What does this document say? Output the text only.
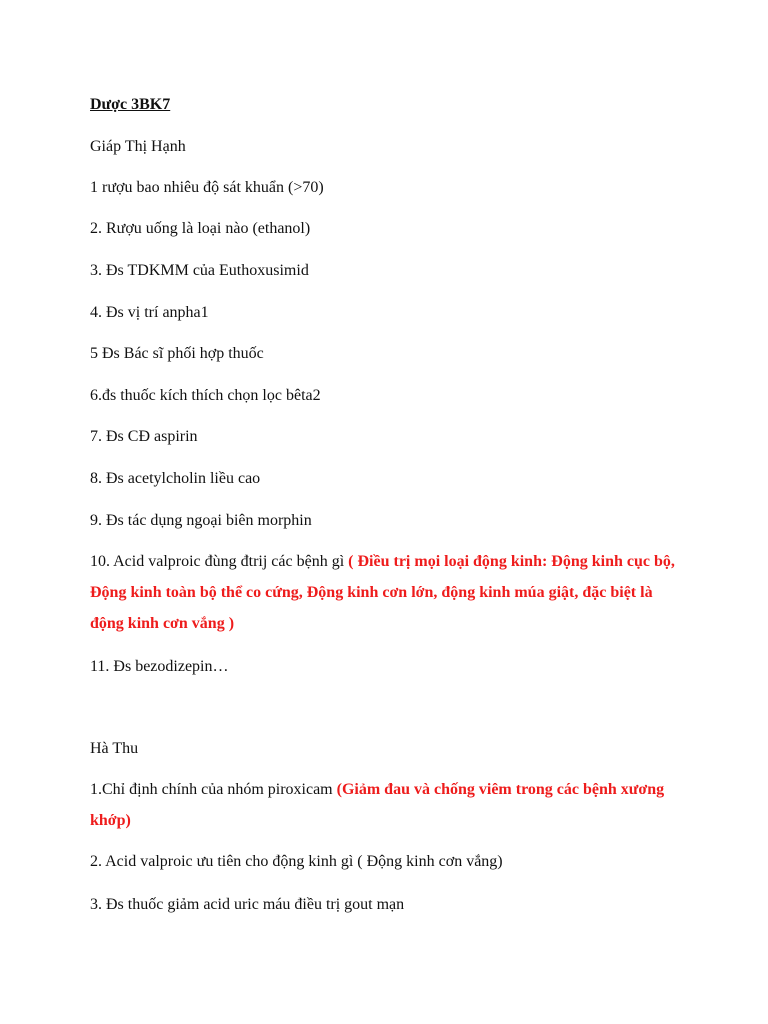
Dược 3BK7
Giáp Thị Hạnh
1 rượu bao nhiêu độ sát khuẩn (>70)
2. Rượu uống là loại nào (ethanol)
3. Đs TDKMM của Euthoxusimid
4. Đs vị trí anpha1
5 Đs Bác sĩ phối hợp thuốc
6.đs thuốc kích thích chọn lọc bêta2
7. Đs CĐ aspirin
8. Đs acetylcholin liều cao
9. Đs tác dụng ngoại biên morphin
10. Acid valproic đùng đtrij các bệnh gì ( Điều trị mọi loại động kinh: Động kinh cục bộ, Động kinh toàn bộ thể co cứng, Động kinh cơn lớn, động kinh múa giật, đặc biệt là động kinh cơn vắng )
11. Đs bezodizepin…
Hà Thu
1.Chỉ định chính của nhóm piroxicam (Giảm đau và chống viêm trong các bệnh xương khớp)
2. Acid valproic ưu tiên cho động kinh gì ( Động kinh cơn vắng)
3. Đs thuốc giảm acid uric máu điều trị gout mạn
